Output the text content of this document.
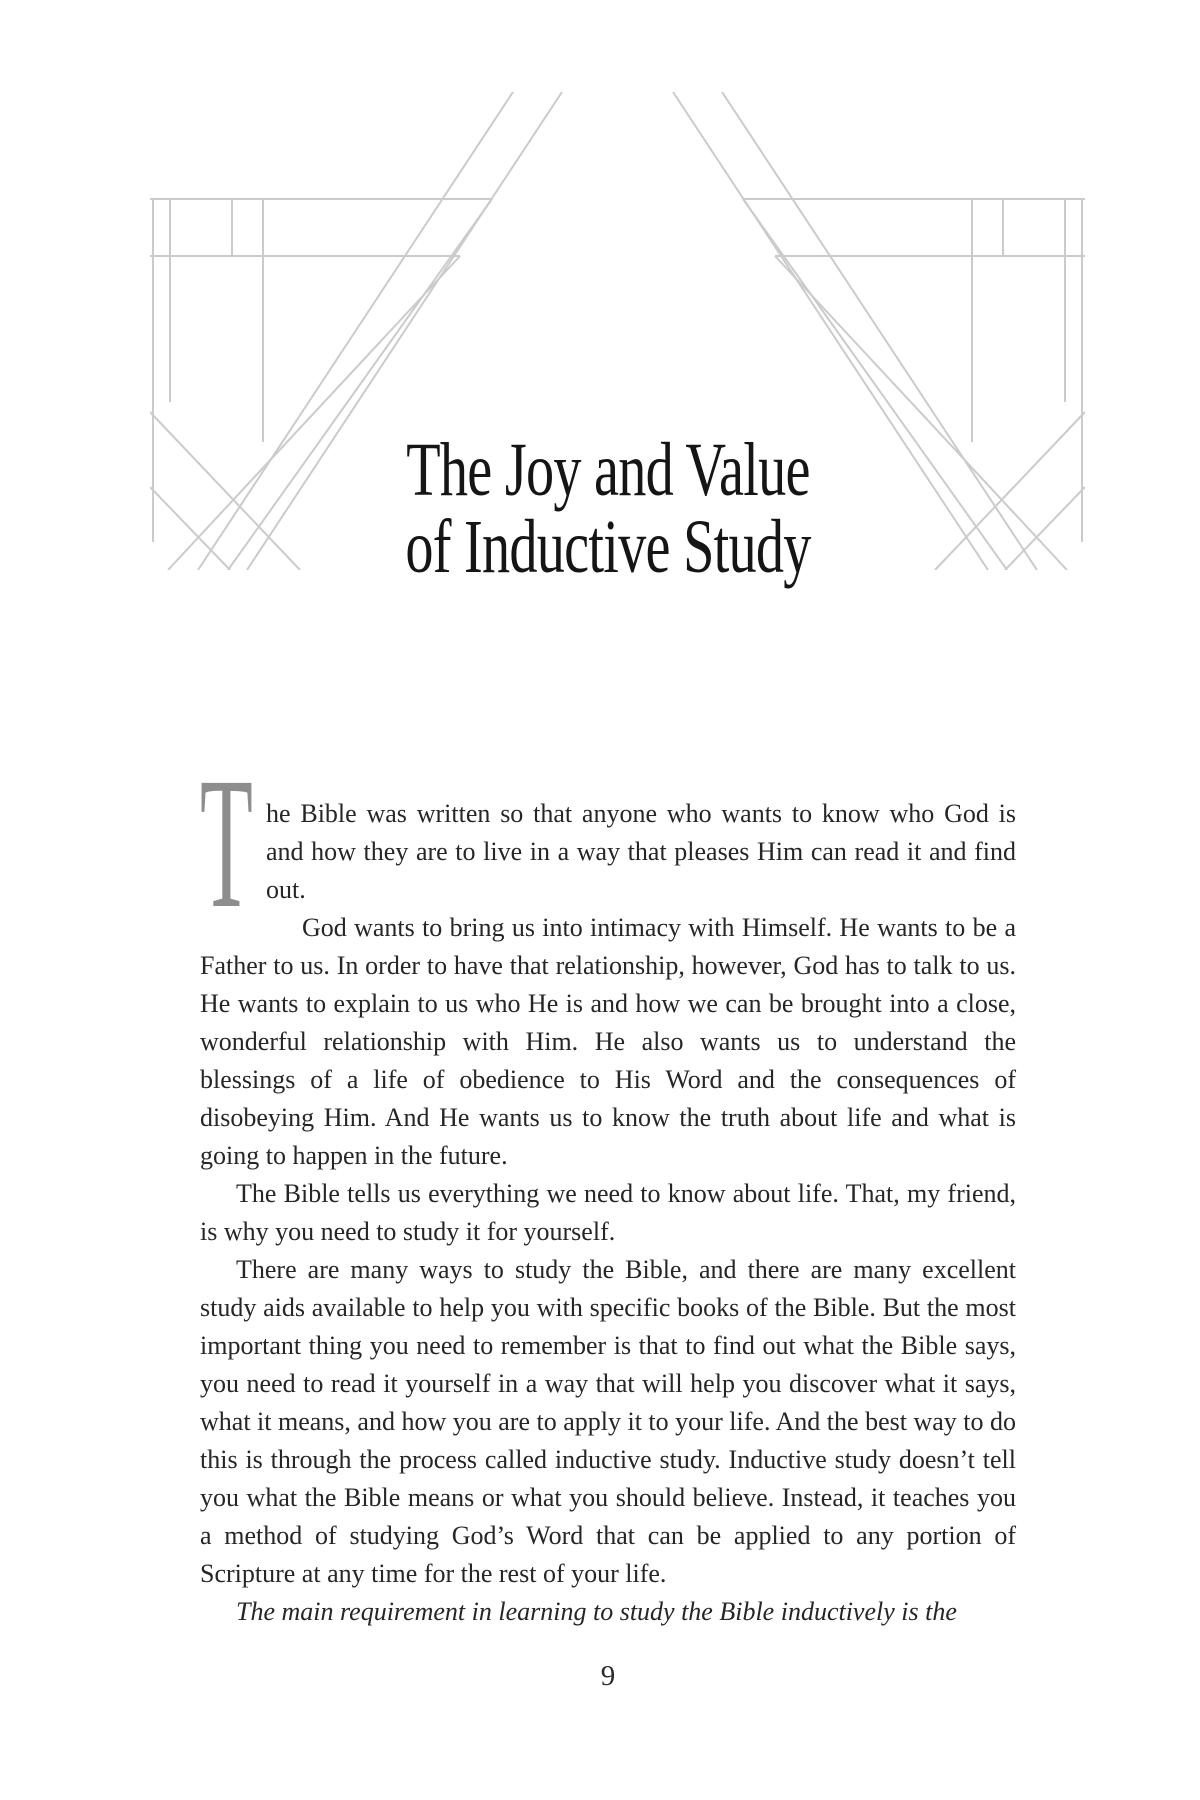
The Joy and Value
of Inductive Study

T he Bible was written so that anyone who wants to know who God is and how they are to live in a way that pleases Him can read it and find out.

God wants to bring us into intimacy with Himself. He wants to be a Father to us. In order to have that relationship, however, God has to talk to us. He wants to explain to us who He is and how we can be brought into a close, wonderful relationship with Him. He also wants us to understand the blessings of a life of obedience to His Word and the consequences of disobeying Him. And He wants us to know the truth about life and what is going to happen in the future.

The Bible tells us everything we need to know about life. That, my friend, is why you need to study it for yourself.

There are many ways to study the Bible, and there are many excellent study aids available to help you with specific books of the Bible. But the most important thing you need to remember is that to find out what the Bible says, you need to read it yourself in a way that will help you discover what it says, what it means, and how you are to apply it to your life. And the best way to do this is through the process called inductive study. Inductive study doesn’t tell you what the Bible means or what you should believe. Instead, it teaches you a method of studying God’s Word that can be applied to any portion of Scripture at any time for the rest of your life.

The main requirement in learning to study the Bible inductively is the

9
